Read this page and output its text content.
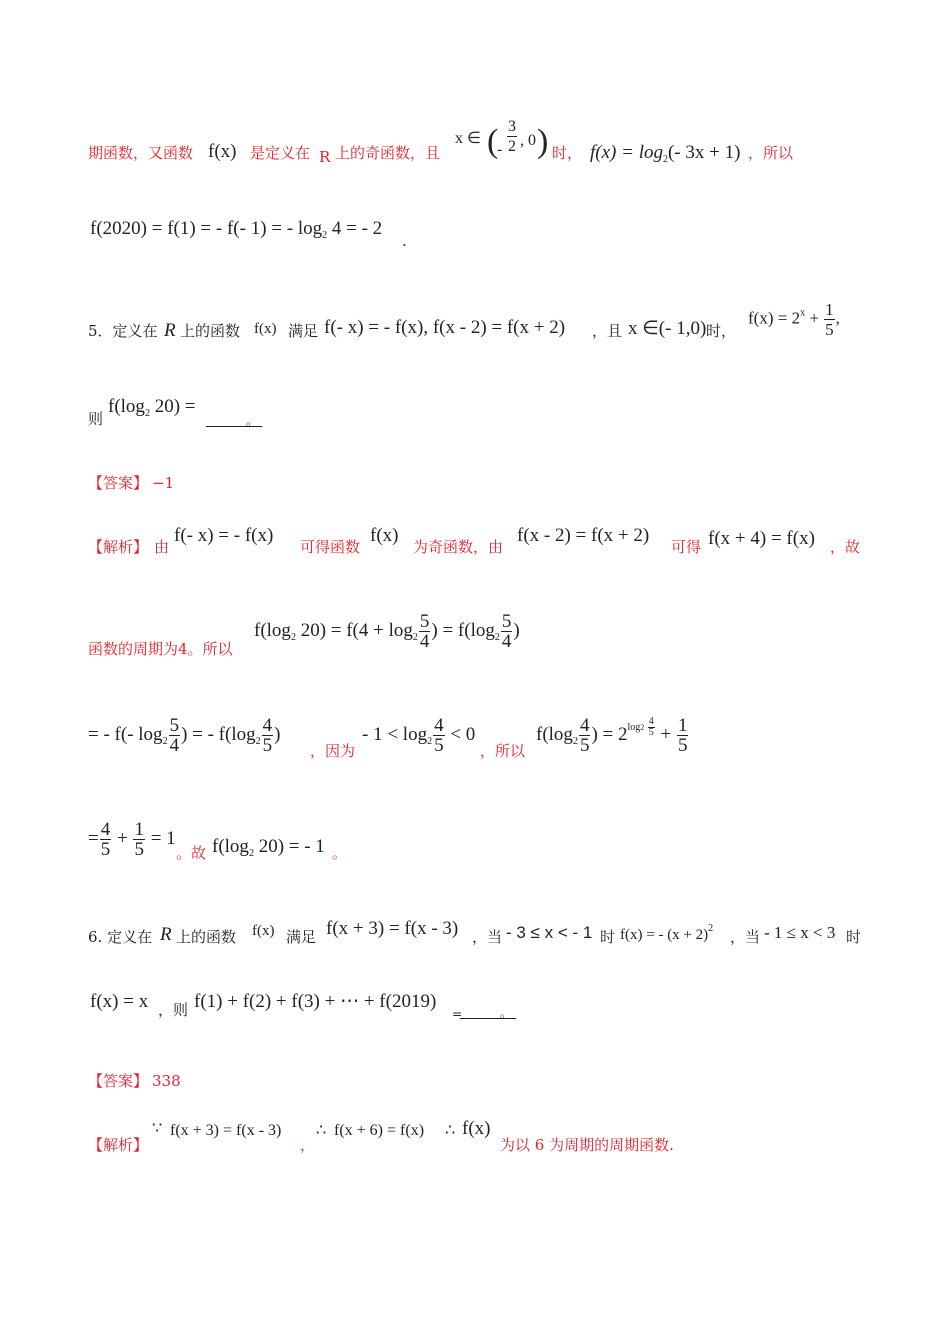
期函数，又函数 f(x) 是定义在 R 上的奇函数，且
x ∈ (
- $\frac{3}{2}$ , 0 ) 时， $f(x) = \log_2(-$ 3x + 1) ，所以
f(2020) = f(1) = - f(- 1) = - $\log_2 4$ = - 2
.
5．定义在 R 上的函数 f(x) 满足 f(- x) = - f(x), f(x - 2) = f(x + 2) ，且 x ∈(- 1,0) 时，
$f(x) = 2^x + \frac{1}{5}$ ,
则
$f(\log_2$ 20) =
。
【答案】 −1
【解析】 由
f(- x) = - f(x)
可得函数
f(x)
为奇函数，由
f(x - 2) = f(x + 2)
可得 f(x + 4) = f(x) ，故
函数的周期为4。所以
$f(\log_2$ $20) = f(4 + \log_2 \frac{5}{4}$ ) = $f(\log_2 \frac{5}{4}$ )
= - f(- $\log_2 \frac{5}{4}$ ) = - $f(\log_2 \frac{4}{5}$ )
，因为
- $1 < \log_2 \frac{4}{5} < 0$
，所以
$f(\log_2 \frac{4}{5}$ ) = $2^{log2 \frac{4}{5}} + \frac{1}{5}$
= $\frac{4}{5} + \frac{1}{5} = 1$
。故 $f(\log_2$ 20) = - 1 。
6. 定义在 R 上的函数 f(x) 满足 f(x + 3) = f(x - 3) ，当 - 3 ≤ x < - 1 时 f(x) = - $(x + 2)^2$ ，当 - 1 ≤ x < 3 时
f(x) = x ，则 f(1) + f(2) + f(3) + ⋯ + f(2019)
=	。
【答案】 338
【解析】
∵ f(x + 3) = f(x - 3)
，
∴ f(x + 6) = f(x) ∴ f(x)
为以 6 为周期的周期函数.
